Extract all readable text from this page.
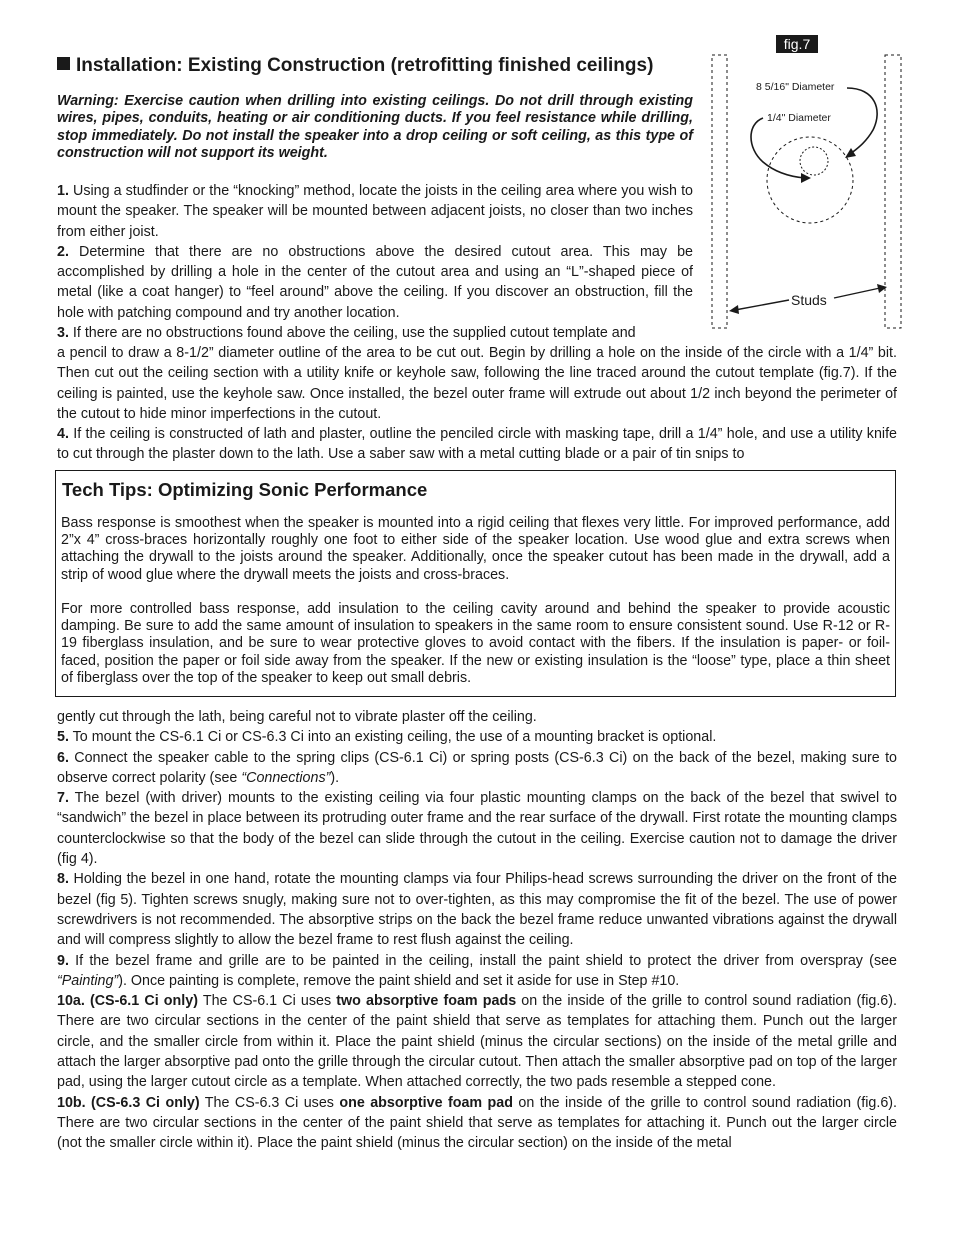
Installation: Existing Construction (retrofitting finished ceilings)

Warning: Exercise caution when drilling into existing ceilings. Do not drill through existing wires, pipes, conduits, heating or air conditioning ducts. If you feel resistance while drilling, stop immediately. Do not install the speaker into a drop ceiling or soft ceiling, as this type of construction will not support its weight.

fig.7
8 5/16" Diameter
1/4" Diameter
Studs

1. Using a studfinder or the “knocking” method, locate the joists in the ceiling area where you wish to mount the speaker. The speaker will be mounted between adjacent joists, no closer than two inches from either joist.

2. Determine that there are no obstructions above the desired cutout area. This may be accomplished by drilling a hole in the center of the cutout area and using an “L”-shaped piece of metal (like a coat hanger) to “feel around” above the ceiling. If you discover an obstruction, fill the hole with patching compound and try another location.

3. If there are no obstructions found above the ceiling, use the supplied cutout template and

a pencil to draw a 8-1/2” diameter outline of the area to be cut out. Begin by drilling a hole on the inside of the circle with a 1/4” bit. Then cut out the ceiling section with a utility knife or keyhole saw, following the line traced around the cutout template (fig.7). If the ceiling is painted, use the keyhole saw. Once installed, the bezel outer frame will extrude out about 1/2 inch beyond the perimeter of the cutout to hide minor imperfections in the cutout.

4. If the ceiling is constructed of lath and plaster, outline the penciled circle with masking tape, drill a 1/4” hole, and use a utility knife to cut through the plaster down to the lath. Use a saber saw with a metal cutting blade or a pair of tin snips to

Tech Tips: Optimizing Sonic Performance

Bass response is smoothest when the speaker is mounted into a rigid ceiling that flexes very little. For improved performance, add 2”x 4” cross-braces horizontally roughly one foot to either side of the speaker location. Use wood glue and extra screws when attaching the drywall to the joists around the speaker. Additionally, once the speaker cutout has been made in the drywall, add a strip of wood glue where the drywall meets the joists and cross-braces.

For more controlled bass response, add insulation to the ceiling cavity around and behind the speaker to provide acoustic damping. Be sure to add the same amount of insulation to speakers in the same room to ensure consistent sound. Use R-12 or R-19 fiberglass insulation, and be sure to wear protective gloves to avoid contact with the fibers. If the insulation is paper- or foil-faced, position the paper or foil side away from the speaker. If the new or existing insulation is the “loose” type, place a thin sheet of fiberglass over the top of the speaker to keep out small debris.

gently cut through the lath, being careful not to vibrate plaster off the ceiling.

5. To mount the CS-6.1 Ci or CS-6.3 Ci into an existing ceiling, the use of a mounting bracket is optional.

6. Connect the speaker cable to the spring clips (CS-6.1 Ci) or spring posts (CS-6.3 Ci) on the back of the bezel, making sure to observe correct polarity (see “Connections”).

7. The bezel (with driver) mounts to the existing ceiling via four plastic mounting clamps on the back of the bezel that swivel to “sandwich” the bezel in place between its protruding outer frame and the rear surface of the drywall. First rotate the mounting clamps counterclockwise so that the body of the bezel can slide through the cutout in the ceiling. Exercise caution not to damage the driver (fig 4).

8. Holding the bezel in one hand, rotate the mounting clamps via four Philips-head screws surrounding the driver on the front of the bezel (fig 5). Tighten screws snugly, making sure not to over-tighten, as this may compromise the fit of the bezel. The use of power screwdrivers is not recommended. The absorptive strips on the back the bezel frame reduce unwanted vibrations against the drywall and will compress slightly to allow the bezel frame to rest flush against the ceiling.

9. If the bezel frame and grille are to be painted in the ceiling, install the paint shield to protect the driver from overspray (see “Painting”). Once painting is complete, remove the paint shield and set it aside for use in Step #10.

10a. (CS-6.1 Ci only) The CS-6.1 Ci uses two absorptive foam pads on the inside of the grille to control sound radiation (fig.6). There are two circular sections in the center of the paint shield that serve as templates for attaching them. Punch out the larger circle, and the smaller circle from within it. Place the paint shield (minus the circular sections) on the inside of the metal grille and attach the larger absorptive pad onto the grille through the circular cutout. Then attach the smaller absorptive pad on top of the larger pad, using the larger cutout circle as a template. When attached correctly, the two pads resemble a stepped cone.

10b. (CS-6.3 Ci only) The CS-6.3 Ci uses one absorptive foam pad on the inside of the grille to control sound radiation (fig.6). There are two circular sections in the center of the paint shield that serve as templates for attaching it. Punch out the larger circle (not the smaller circle within it). Place the paint shield (minus the circular section) on the inside of the metal
